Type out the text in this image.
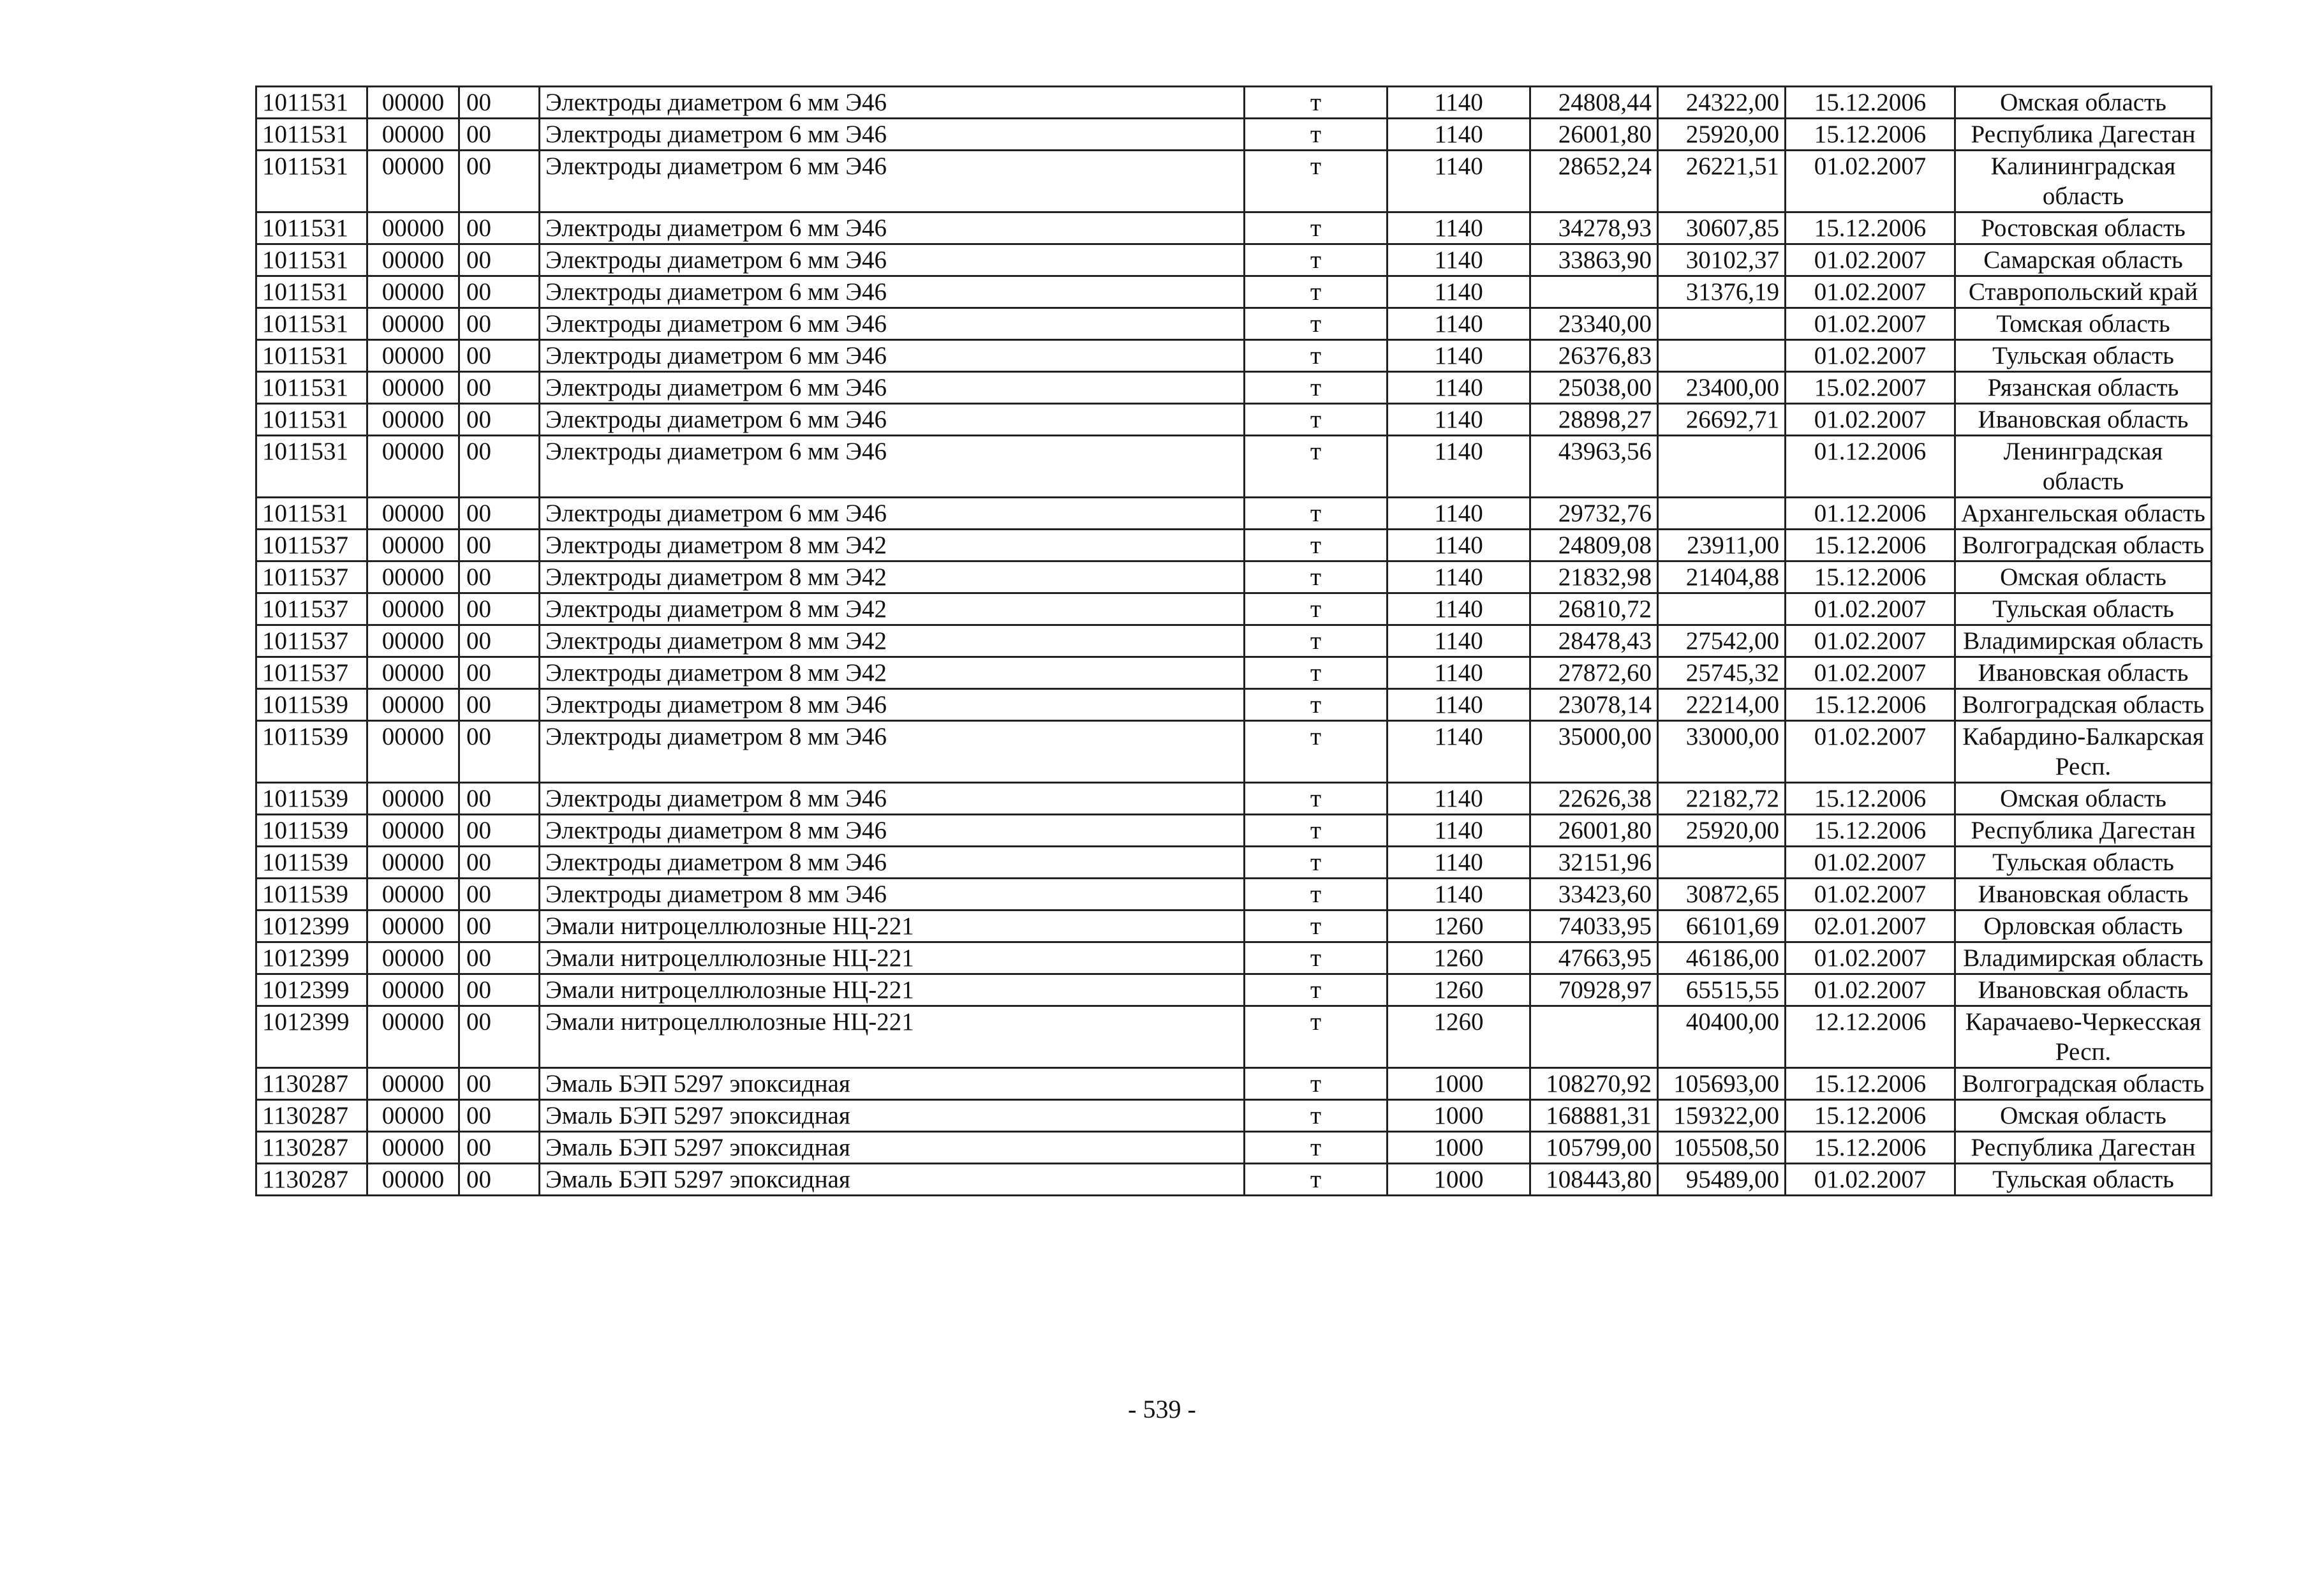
1011531	00000	00	Электроды диаметром 6 мм Э46	т	1140	24808,44	24322,00	15.12.2006	Омская область
1011531	00000	00	Электроды диаметром 6 мм Э46	т	1140	26001,80	25920,00	15.12.2006	Республика Дагестан
1011531	00000	00	Электроды диаметром 6 мм Э46	т	1140	28652,24	26221,51	01.02.2007	Калининградская область
1011531	00000	00	Электроды диаметром 6 мм Э46	т	1140	34278,93	30607,85	15.12.2006	Ростовская область
1011531	00000	00	Электроды диаметром 6 мм Э46	т	1140	33863,90	30102,37	01.02.2007	Самарская область
1011531	00000	00	Электроды диаметром 6 мм Э46	т	1140		31376,19	01.02.2007	Ставропольский край
1011531	00000	00	Электроды диаметром 6 мм Э46	т	1140	23340,00		01.02.2007	Томская область
1011531	00000	00	Электроды диаметром 6 мм Э46	т	1140	26376,83		01.02.2007	Тульская область
1011531	00000	00	Электроды диаметром 6 мм Э46	т	1140	25038,00	23400,00	15.02.2007	Рязанская область
1011531	00000	00	Электроды диаметром 6 мм Э46	т	1140	28898,27	26692,71	01.02.2007	Ивановская область
1011531	00000	00	Электроды диаметром 6 мм Э46	т	1140	43963,56		01.12.2006	Ленинградская область
1011531	00000	00	Электроды диаметром 6 мм Э46	т	1140	29732,76		01.12.2006	Архангельская область
1011537	00000	00	Электроды диаметром 8 мм Э42	т	1140	24809,08	23911,00	15.12.2006	Волгоградская область
1011537	00000	00	Электроды диаметром 8 мм Э42	т	1140	21832,98	21404,88	15.12.2006	Омская область
1011537	00000	00	Электроды диаметром 8 мм Э42	т	1140	26810,72		01.02.2007	Тульская область
1011537	00000	00	Электроды диаметром 8 мм Э42	т	1140	28478,43	27542,00	01.02.2007	Владимирская область
1011537	00000	00	Электроды диаметром 8 мм Э42	т	1140	27872,60	25745,32	01.02.2007	Ивановская область
1011539	00000	00	Электроды диаметром 8 мм Э46	т	1140	23078,14	22214,00	15.12.2006	Волгоградская область
1011539	00000	00	Электроды диаметром 8 мм Э46	т	1140	35000,00	33000,00	01.02.2007	Кабардино-Балкарская Респ.
1011539	00000	00	Электроды диаметром 8 мм Э46	т	1140	22626,38	22182,72	15.12.2006	Омская область
1011539	00000	00	Электроды диаметром 8 мм Э46	т	1140	26001,80	25920,00	15.12.2006	Республика Дагестан
1011539	00000	00	Электроды диаметром 8 мм Э46	т	1140	32151,96		01.02.2007	Тульская область
1011539	00000	00	Электроды диаметром 8 мм Э46	т	1140	33423,60	30872,65	01.02.2007	Ивановская область
1012399	00000	00	Эмали нитроцеллюлозные НЦ-221	т	1260	74033,95	66101,69	02.01.2007	Орловская область
1012399	00000	00	Эмали нитроцеллюлозные НЦ-221	т	1260	47663,95	46186,00	01.02.2007	Владимирская область
1012399	00000	00	Эмали нитроцеллюлозные НЦ-221	т	1260	70928,97	65515,55	01.02.2007	Ивановская область
1012399	00000	00	Эмали нитроцеллюлозные НЦ-221	т	1260		40400,00	12.12.2006	Карачаево-Черкесская Респ.
1130287	00000	00	Эмаль БЭП 5297 эпоксидная	т	1000	108270,92	105693,00	15.12.2006	Волгоградская область
1130287	00000	00	Эмаль БЭП 5297 эпоксидная	т	1000	168881,31	159322,00	15.12.2006	Омская область
1130287	00000	00	Эмаль БЭП 5297 эпоксидная	т	1000	105799,00	105508,50	15.12.2006	Республика Дагестан
1130287	00000	00	Эмаль БЭП 5297 эпоксидная	т	1000	108443,80	95489,00	01.02.2007	Тульская область
- 539 -
